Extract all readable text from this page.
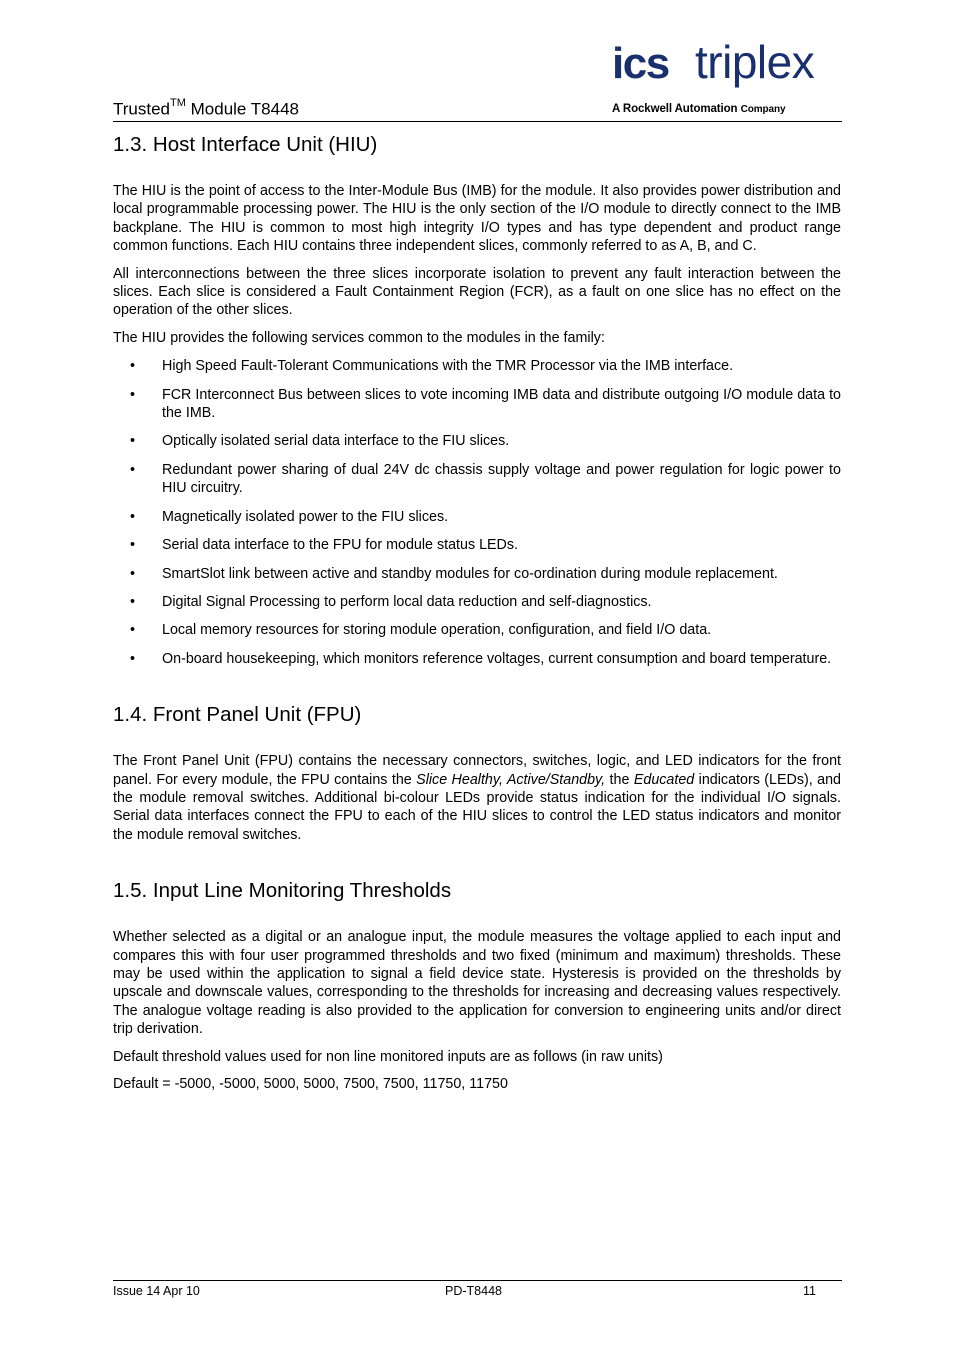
Trusted™ Module T8448
ics triplex
A Rockwell Automation Company
1.3. Host Interface Unit (HIU)

The HIU is the point of access to the Inter-Module Bus (IMB) for the module. It also provides power distribution and local programmable processing power. The HIU is the only section of the I/O module to directly connect to the IMB backplane. The HIU is common to most high integrity I/O types and has type dependent and product range common functions. Each HIU contains three independent slices, commonly referred to as A, B, and C.

All interconnections between the three slices incorporate isolation to prevent any fault interaction between the slices. Each slice is considered a Fault Containment Region (FCR), as a fault on one slice has no effect on the operation of the other slices.

The HIU provides the following services common to the modules in the family:

• High Speed Fault-Tolerant Communications with the TMR Processor via the IMB interface.
• FCR Interconnect Bus between slices to vote incoming IMB data and distribute outgoing I/O module data to the IMB.
• Optically isolated serial data interface to the FIU slices.
• Redundant power sharing of dual 24V dc chassis supply voltage and power regulation for logic power to HIU circuitry.
• Magnetically isolated power to the FIU slices.
• Serial data interface to the FPU for module status LEDs.
• SmartSlot link between active and standby modules for co-ordination during module replacement.
• Digital Signal Processing to perform local data reduction and self-diagnostics.
• Local memory resources for storing module operation, configuration, and field I/O data.
• On-board housekeeping, which monitors reference voltages, current consumption and board temperature.
1.4. Front Panel Unit (FPU)

The Front Panel Unit (FPU) contains the necessary connectors, switches, logic, and LED indicators for the front panel. For every module, the FPU contains the Slice Healthy, Active/Standby, the Educated indicators (LEDs), and the module removal switches. Additional bi-colour LEDs provide status indication for the individual I/O signals. Serial data interfaces connect the FPU to each of the HIU slices to control the LED status indicators and monitor the module removal switches.

1.5. Input Line Monitoring Thresholds

Whether selected as a digital or an analogue input, the module measures the voltage applied to each input and compares this with four user programmed thresholds and two fixed (minimum and maximum) thresholds. These may be used within the application to signal a field device state. Hysteresis is provided on the thresholds by upscale and downscale values, corresponding to the thresholds for increasing and decreasing values respectively. The analogue voltage reading is also provided to the application for conversion to engineering units and/or direct trip derivation.

Default threshold values used for non line monitored inputs are as follows (in raw units)

Default = -5000, -5000, 5000, 5000, 7500, 7500, 11750, 11750

Issue 14 Apr 10	PD-T8448	11
